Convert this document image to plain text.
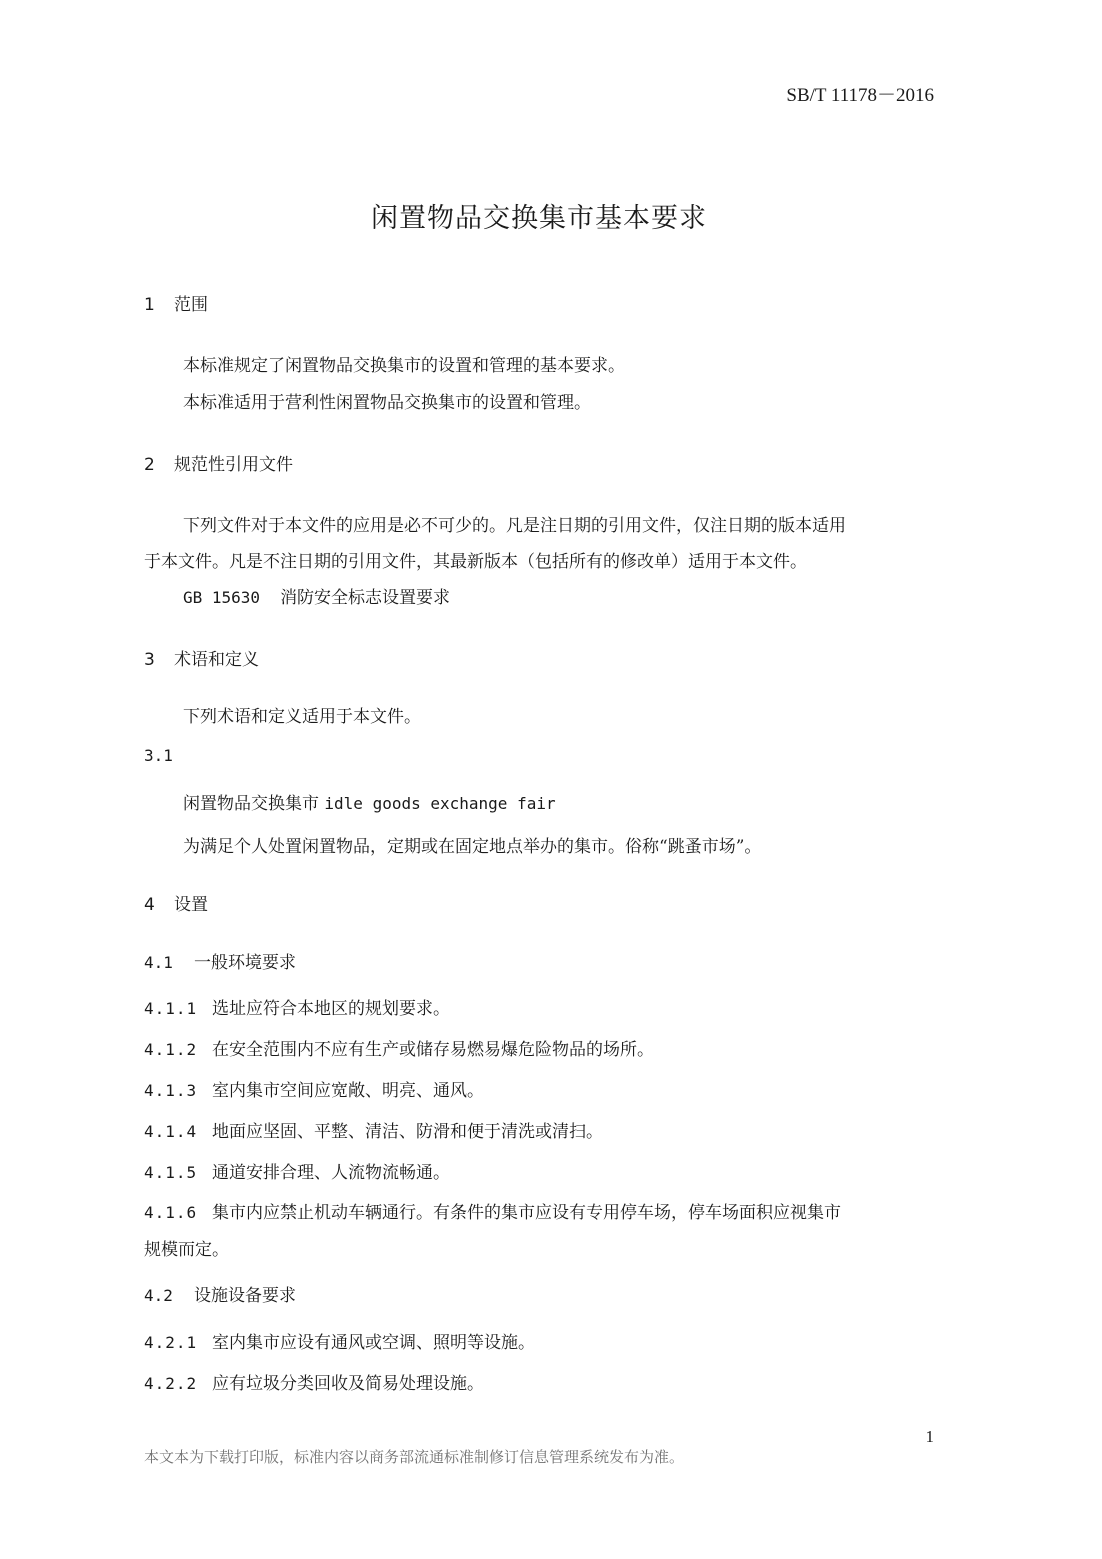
SB/T 11178－2016
闲置物品交换集市基本要求
1 范围
本标准规定了闲置物品交换集市的设置和管理的基本要求。
本标准适用于营利性闲置物品交换集市的设置和管理。
2 规范性引用文件
下列文件对于本文件的应用是必不可少的。凡是注日期的引用文件，仅注日期的版本适用
于本文件。凡是不注日期的引用文件，其最新版本（包括所有的修改单）适用于本文件。
GB 15630 消防安全标志设置要求
3 术语和定义
下列术语和定义适用于本文件。
3.1
闲置物品交换集市 idle goods exchange fair
为满足个人处置闲置物品，定期或在固定地点举办的集市。俗称“跳蚤市场”。
4 设置
4.1 一般环境要求
4.1.1 选址应符合本地区的规划要求。
4.1.2 在安全范围内不应有生产或储存易燃易爆危险物品的场所。
4.1.3 室内集市空间应宽敞、明亮、通风。
4.1.4 地面应坚固、平整、清洁、防滑和便于清洗或清扫。
4.1.5 通道安排合理、人流物流畅通。
4.1.6 集市内应禁止机动车辆通行。有条件的集市应设有专用停车场，停车场面积应视集市
规模而定。
4.2 设施设备要求
4.2.1 室内集市应设有通风或空调、照明等设施。
4.2.2 应有垃圾分类回收及简易处理设施。
1
本文本为下载打印版，标准内容以商务部流通标准制修订信息管理系统发布为准。
